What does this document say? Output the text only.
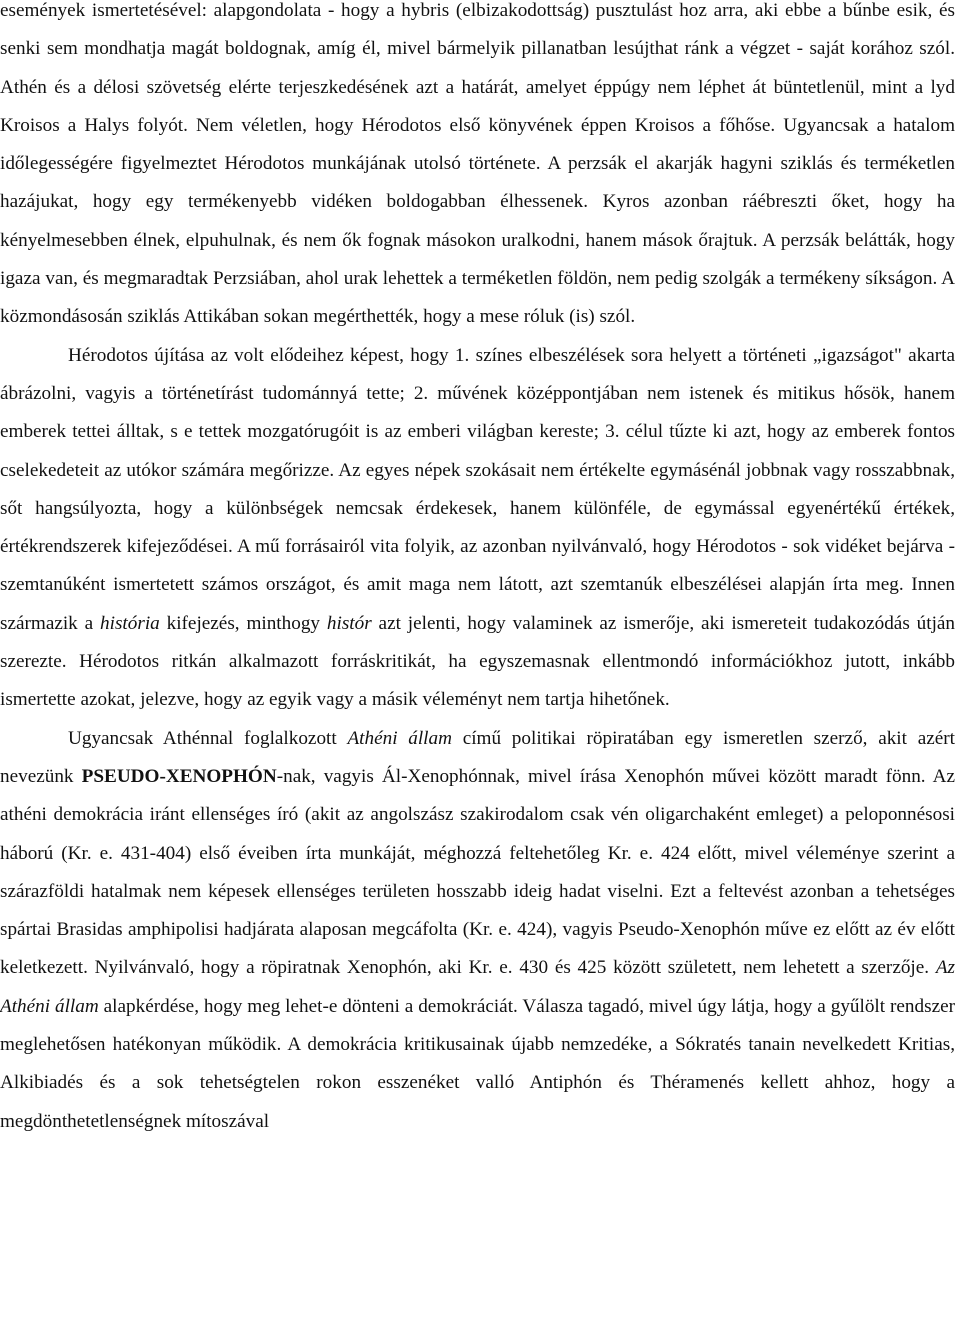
események ismertetésével: alapgondolata - hogy a hybris (elbizakodottság) pusztulást hoz arra, aki ebbe a bűnbe esik, és senki sem mondhatja magát boldognak, amíg él, mivel bármelyik pillanatban lesújthat ránk a végzet - saját korához szól. Athén és a délosi szövetség elérte terjeszkedésének azt a határát, amelyet éppúgy nem léphet át büntetlenül, mint a lyd Kroisos a Halys folyót. Nem véletlen, hogy Hérodotos első könyvének éppen Kroisos a főhőse. Ugyancsak a hatalom időlegességére figyelmeztet Hérodotos munkájának utolsó története. A perzsák el akarják hagyni sziklás és terméketlen hazájukat, hogy egy termékenyebb vidéken boldogabban élhessenek. Kyros azonban ráébreszti őket, hogy ha kényelmesebben élnek, elpuhulnak, és nem ők fognak másokon uralkodni, hanem mások őrajtuk. A perzsák belátták, hogy igaza van, és megmaradtak Perzsiában, ahol urak lehettek a terméketlen földön, nem pedig szolgák a termékeny síkságon. A közmondásosán sziklás Attikában sokan megérthették, hogy a mese róluk (is) szól.

Hérodotos újítása az volt elődeihez képest, hogy 1. színes elbeszélések sora helyett a történeti „igazságot" akarta ábrázolni, vagyis a történetírást tudománnyá tette; 2. művének középpontjában nem istenek és mitikus hősök, hanem emberek tettei álltak, s e tettek mozgatórugóit is az emberi világban kereste; 3. célul tűzte ki azt, hogy az emberek fontos cselekedeteit az utókor számára megőrizze. Az egyes népek szokásait nem értékelte egymásénál jobbnak vagy rosszabbnak, sőt hangsúlyozta, hogy a különbségek nemcsak érdekesek, hanem különféle, de egymással egyenértékű értékek, értékrendszerek kifejeződései. A mű forrásairól vita folyik, az azonban nyilvánvaló, hogy Hérodotos - sok vidéket bejárva - szemtanúként ismertetett számos országot, és amit maga nem látott, azt szemtanúk elbeszélései alapján írta meg. Innen származik a história kifejezés, minthogy histór azt jelenti, hogy valaminek az ismerője, aki ismereteit tudakozódás útján szerezte. Hérodotos ritkán alkalmazott forráskritikát, ha egyszemasnak ellentmondó információkhoz jutott, inkább ismertette azokat, jelezve, hogy az egyik vagy a másik véleményt nem tartja hihetőnek.

Ugyancsak Athénnal foglalkozott Athéni állam című politikai röpiratában egy ismeretlen szerző, akit azért nevezünk PSEUDO-XENOPHÓN-nak, vagyis Ál-Xenophónnak, mivel írása Xenophón művei között maradt fönn. Az athéni demokrácia iránt ellenséges író (akit az angolszász szakirodalom csak vén oligarchaként emleget) a peloponnésosi háború (Kr. e. 431-404) első éveiben írta munkáját, méghozzá feltehetőleg Kr. e. 424 előtt, mivel véleménye szerint a szárazföldi hatalmak nem képesek ellenséges területen hosszabb ideig hadat viselni. Ezt a feltevést azonban a tehetséges spártai Brasidas amphipolisi hadjárata alaposan megcáfolta (Kr. e. 424), vagyis Pseudo-Xenophón műve ez előtt az év előtt keletkezett. Nyilvánvaló, hogy a röpiratnak Xenophón, aki Kr. e. 430 és 425 között született, nem lehetett a szerzője. Az Athéni állam alapkérdése, hogy meg lehet-e dönteni a demokráciát. Válasza tagadó, mivel úgy látja, hogy a gyűlölt rendszer meglehetősen hatékonyan működik. A demokrácia kritikusainak újabb nemzedéke, a Sókratés tanain nevelkedett Kritias, Alkibiadés és a sok tehetségtelen rokon esszenéket valló Antiphón és Théramenés kellett ahhoz, hogy a megdönthetetlenségnek mítoszával
